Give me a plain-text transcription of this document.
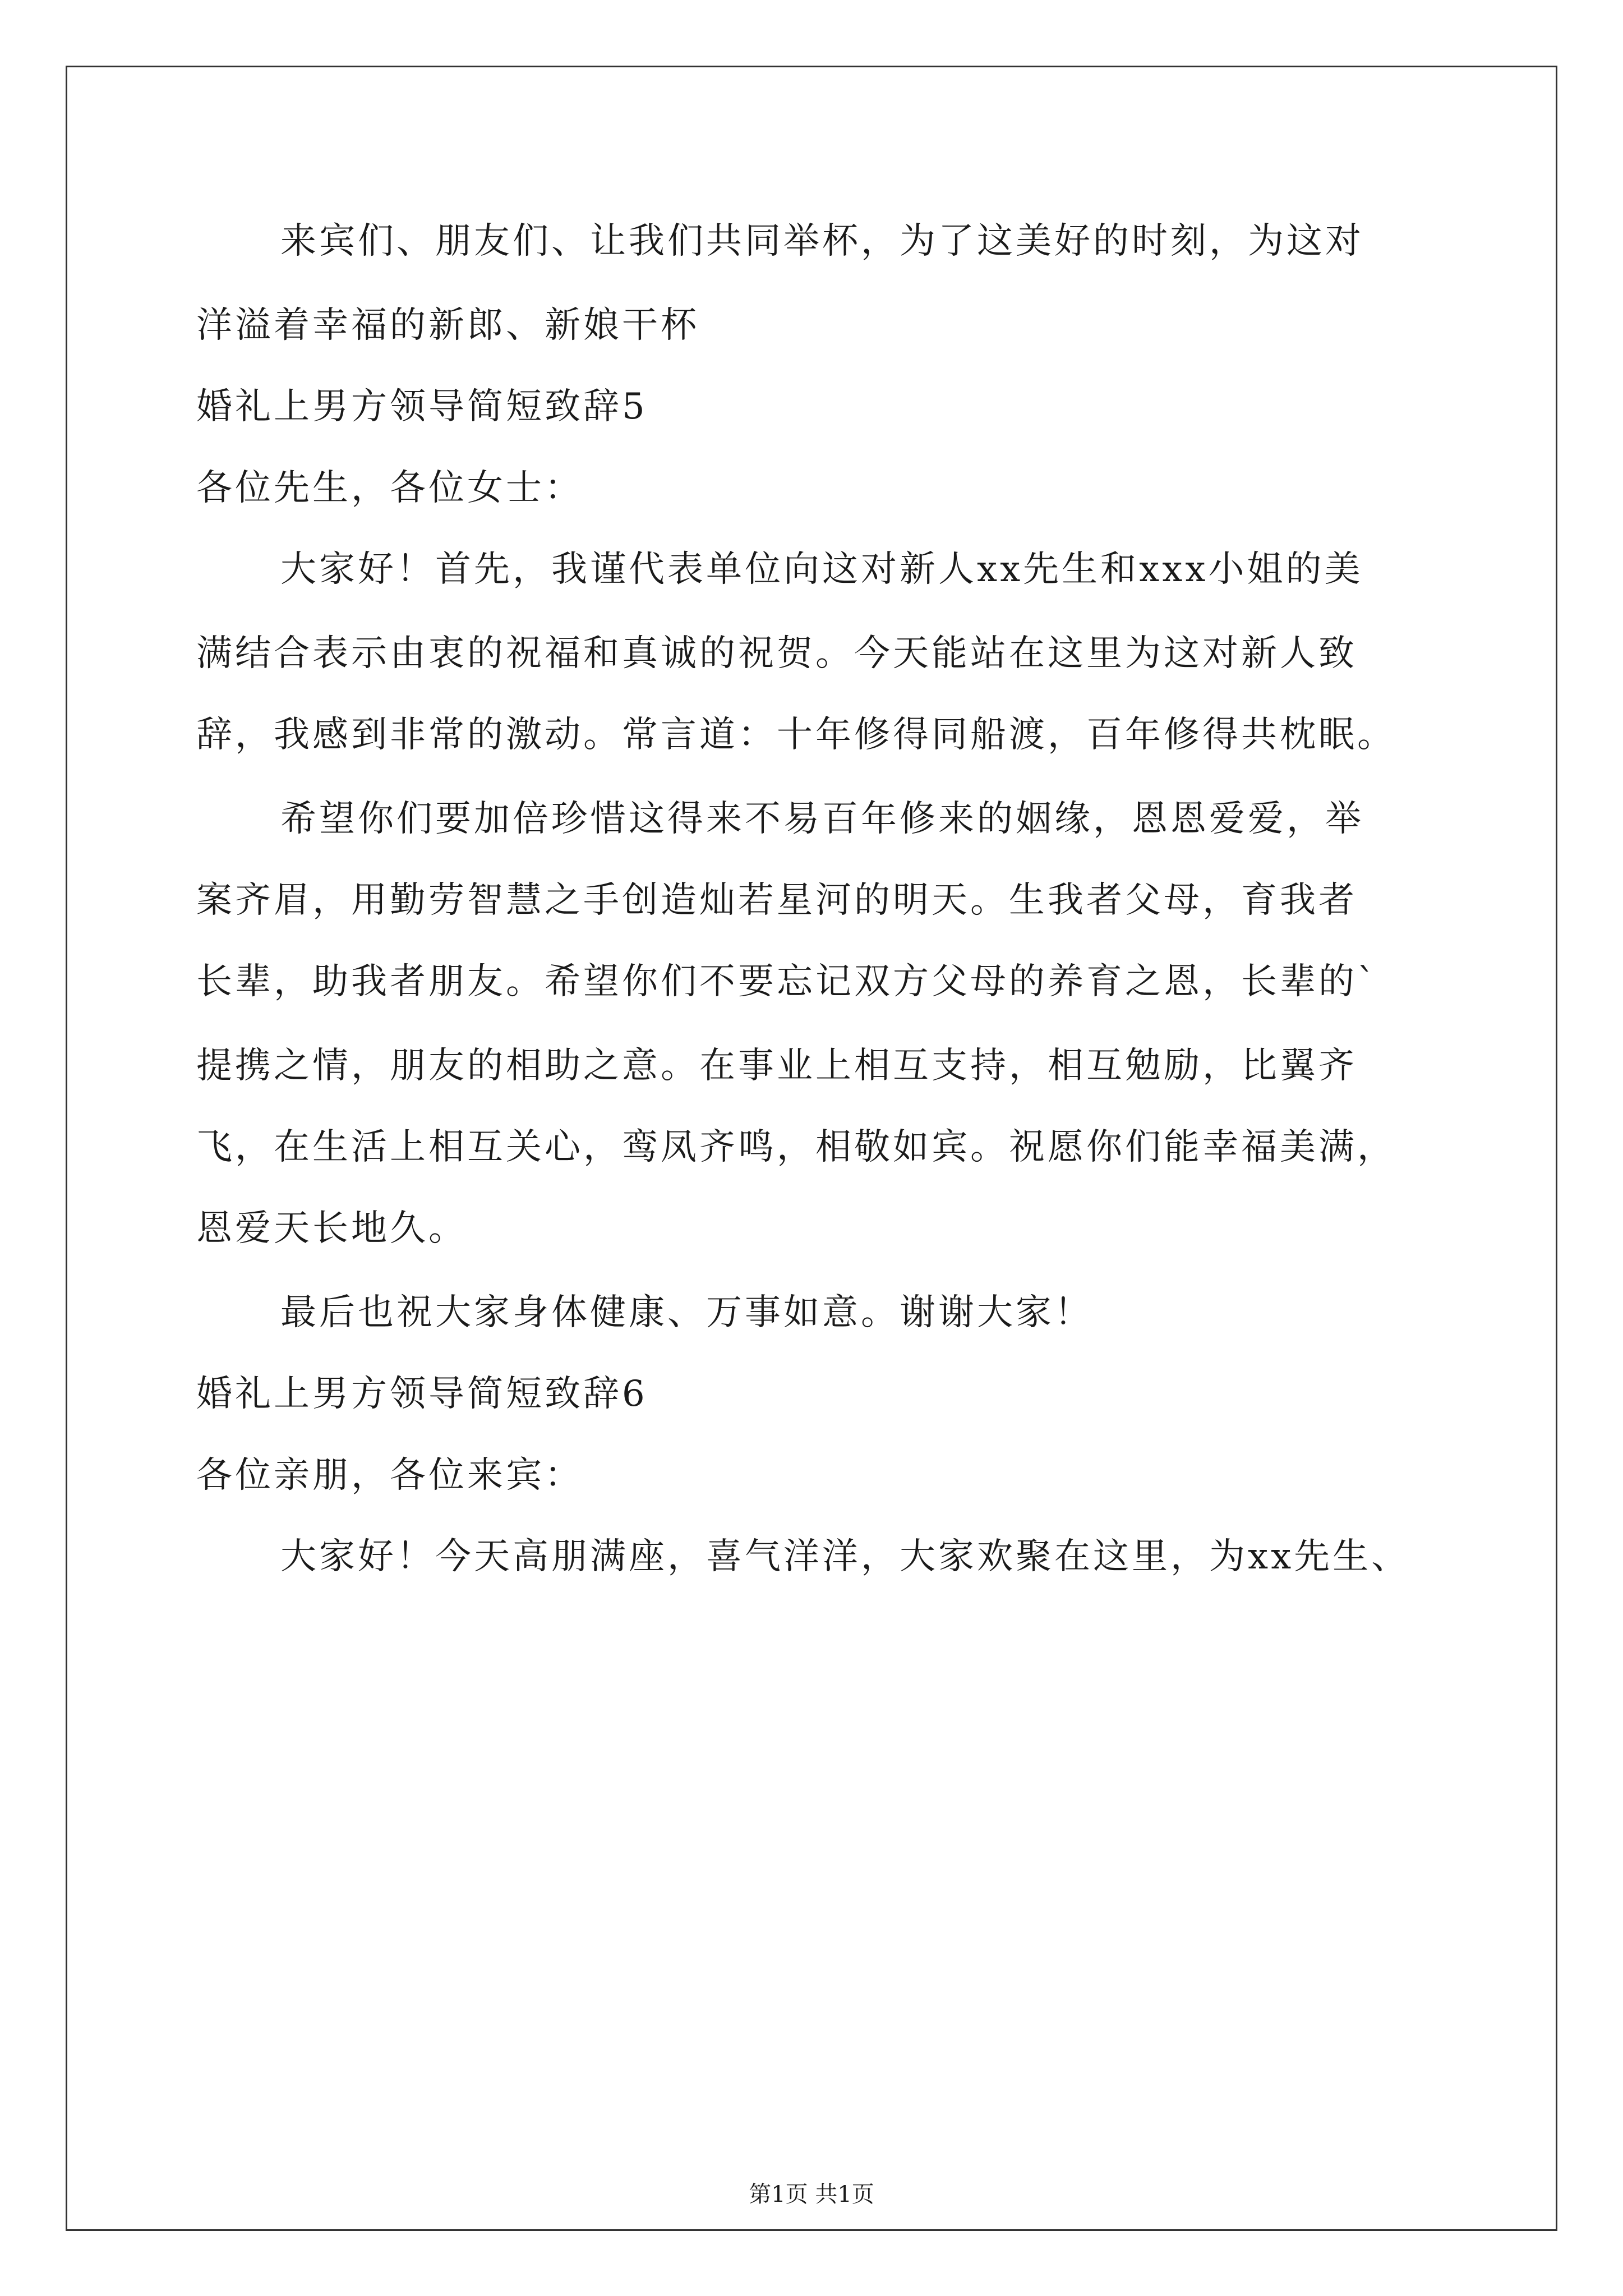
来宾们、朋友们、让我们共同举杯，为了这美好的时刻，为这对
洋溢着幸福的新郎、新娘干杯
婚礼上男方领导简短致辞5
各位先生，各位女士：
大家好！首先，我谨代表单位向这对新人xx先生和xxx小姐的美
满结合表示由衷的祝福和真诚的祝贺。今天能站在这里为这对新人致
辞，我感到非常的激动。常言道：十年修得同船渡，百年修得共枕眠。
希望你们要加倍珍惜这得来不易百年修来的姻缘，恩恩爱爱，举
案齐眉，用勤劳智慧之手创造灿若星河的明天。生我者父母，育我者
长辈，助我者朋友。希望你们不要忘记双方父母的养育之恩，长辈的`
提携之情，朋友的相助之意。在事业上相互支持，相互勉励，比翼齐
飞，在生活上相互关心，鸾凤齐鸣，相敬如宾。祝愿你们能幸福美满，
恩爱天长地久。
最后也祝大家身体健康、万事如意。谢谢大家！
婚礼上男方领导简短致辞6
各位亲朋，各位来宾：
大家好！今天高朋满座，喜气洋洋，大家欢聚在这里，为xx先生、
第1页 共1页
